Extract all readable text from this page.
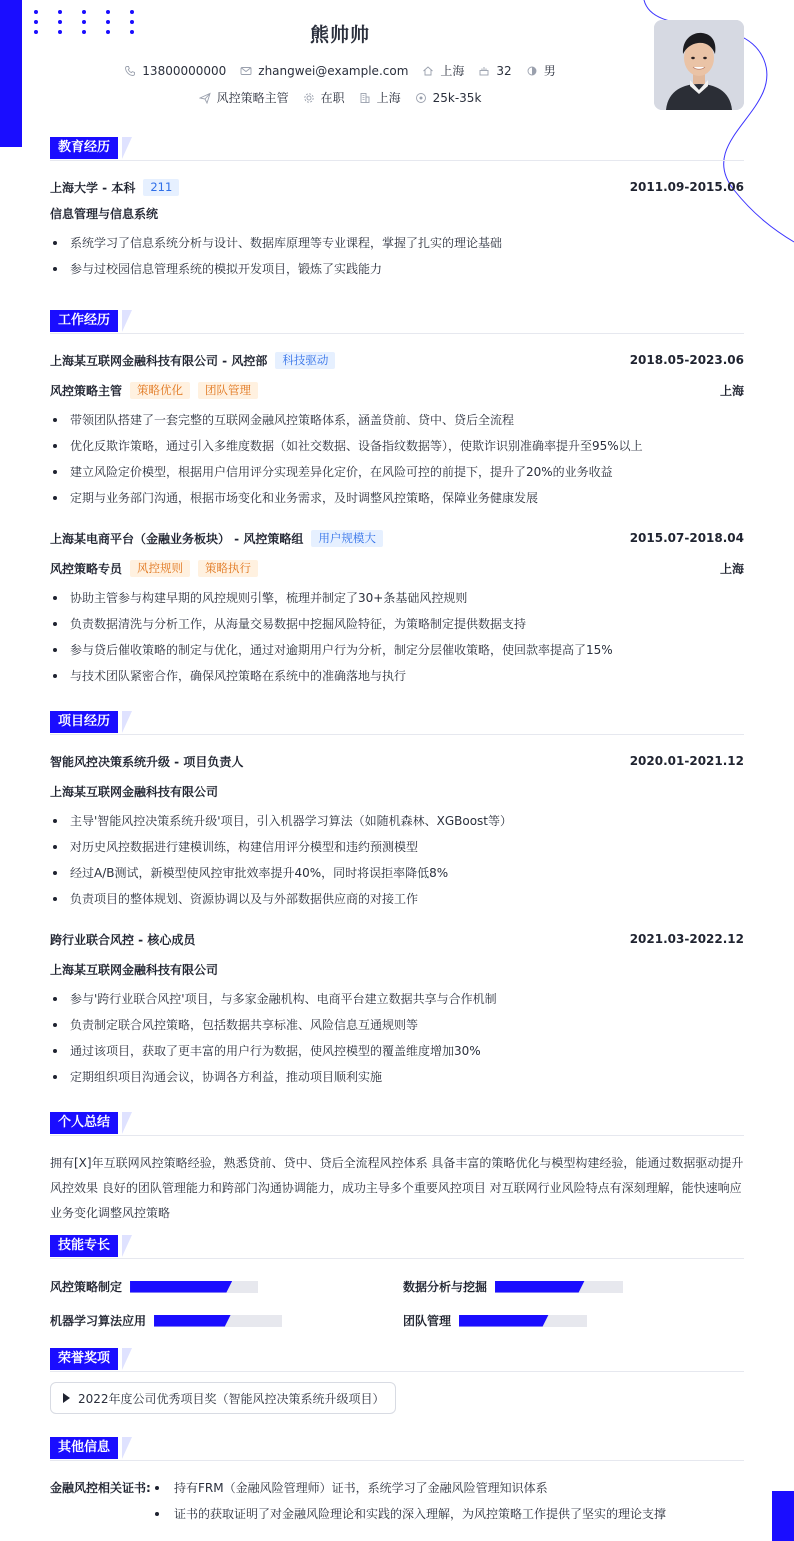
熊帅帅
13800000000	zhangwei@example.com	上海	32	男
风控策略主管	在职	上海	25k-35k
教育经历
上海大学 - 本科	211	2011.09-2015.06
信息管理与信息系统
系统学习了信息系统分析与设计、数据库原理等专业课程，掌握了扎实的理论基础
参与过校园信息管理系统的模拟开发项目，锻炼了实践能力
工作经历
上海某互联网金融科技有限公司 - 风控部	科技驱动	2018.05-2023.06
风控策略主管	策略优化	团队管理	上海
带领团队搭建了一套完整的互联网金融风控策略体系，涵盖贷前、贷中、贷后全流程
优化反欺诈策略，通过引入多维度数据（如社交数据、设备指纹数据等），使欺诈识别准确率提升至95%以上
建立风险定价模型，根据用户信用评分实现差异化定价，在风险可控的前提下，提升了20%的业务收益
定期与业务部门沟通，根据市场变化和业务需求，及时调整风控策略，保障业务健康发展
上海某电商平台（金融业务板块） - 风控策略组	用户规模大	2015.07-2018.04
风控策略专员	风控规则	策略执行	上海
协助主管参与构建早期的风控规则引擎，梳理并制定了30+条基础风控规则
负责数据清洗与分析工作，从海量交易数据中挖掘风险特征，为策略制定提供数据支持
参与贷后催收策略的制定与优化，通过对逾期用户行为分析，制定分层催收策略，使回款率提高了15%
与技术团队紧密合作，确保风控策略在系统中的准确落地与执行
项目经历
智能风控决策系统升级 - 项目负责人	2020.01-2021.12
上海某互联网金融科技有限公司
主导'智能风控决策系统升级'项目，引入机器学习算法（如随机森林、XGBoost等）
对历史风控数据进行建模训练，构建信用评分模型和违约预测模型
经过A/B测试，新模型使风控审批效率提升40%，同时将误拒率降低8%
负责项目的整体规划、资源协调以及与外部数据供应商的对接工作
跨行业联合风控 - 核心成员	2021.03-2022.12
上海某互联网金融科技有限公司
参与'跨行业联合风控'项目，与多家金融机构、电商平台建立数据共享与合作机制
负责制定联合风控策略，包括数据共享标准、风险信息互通规则等
通过该项目，获取了更丰富的用户行为数据，使风控模型的覆盖维度增加30%
定期组织项目沟通会议，协调各方利益，推动项目顺利实施
个人总结
拥有[X]年互联网风控策略经验，熟悉贷前、贷中、贷后全流程风控体系 具备丰富的策略优化与模型构建经验，能通过数据驱动提升风控效果 良好的团队管理能力和跨部门沟通协调能力，成功主导多个重要风控项目 对互联网行业风险特点有深刻理解，能快速响应业务变化调整风控策略
技能专长
风控策略制定	数据分析与挖掘
机器学习算法应用	团队管理
荣誉奖项
2022年度公司优秀项目奖（智能风控决策系统升级项目）
其他信息
金融风控相关证书:	持有FRM（金融风险管理师）证书，系统学习了金融风险管理知识体系
证书的获取证明了对金融风险理论和实践的深入理解，为风控策略工作提供了坚实的理论支撑
